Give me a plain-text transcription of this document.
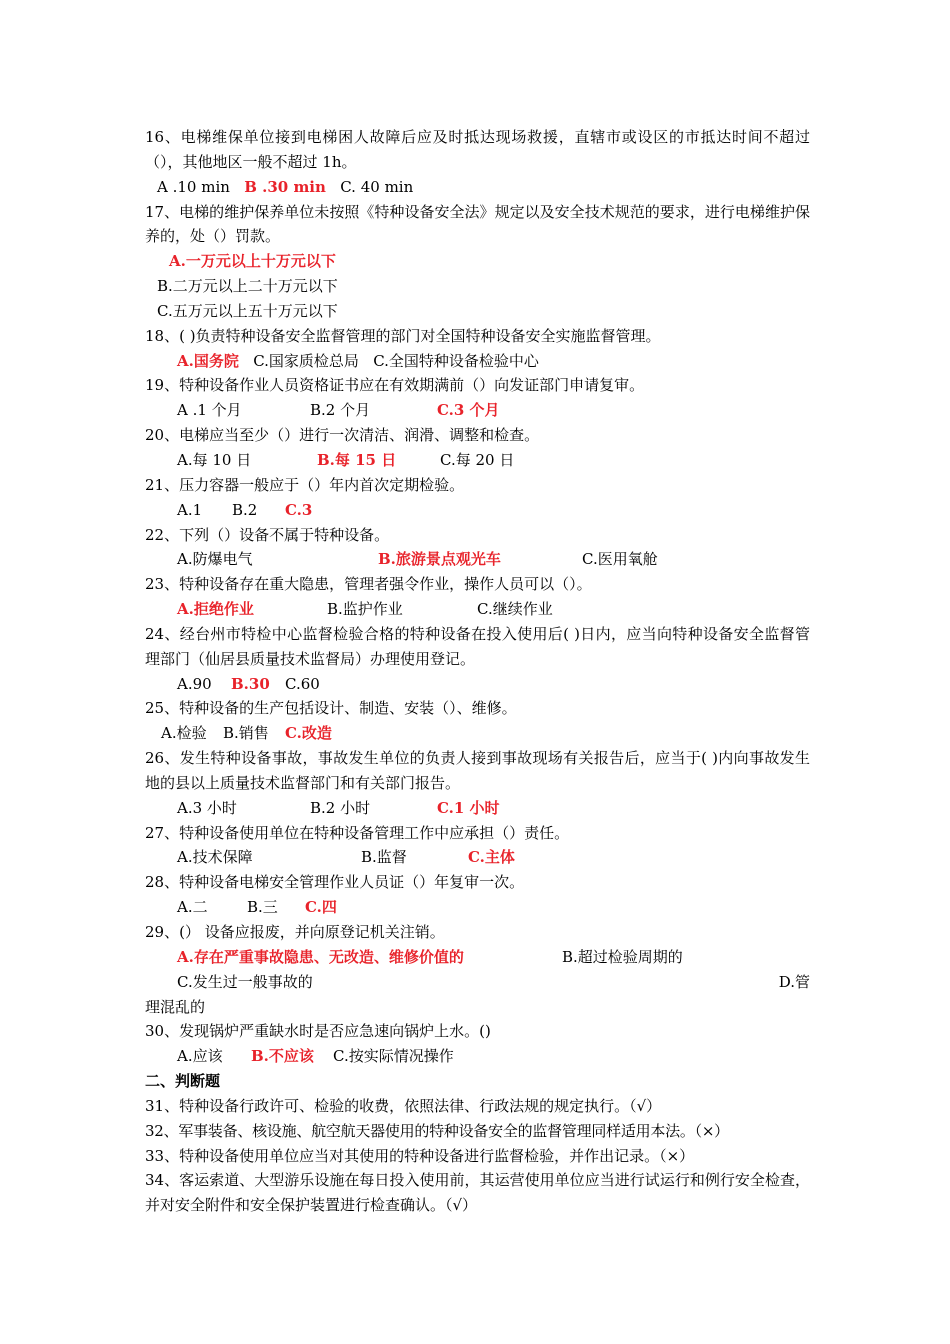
16、电梯维保单位接到电梯困人故障后应及时抵达现场救援，直辖市或设区的市抵达时间不超过（），其他地区一般不超过 1h。
A .10 min B .30 min C. 40 min
17、电梯的维护保养单位未按照《特种设备安全法》规定以及安全技术规范的要求，进行电梯维护保养的，处（）罚款。
A.一万元以上十万元以下
B.二万元以上二十万元以下
C.五万元以上五十万元以下
18、( )负责特种设备安全监督管理的部门对全国特种设备安全实施监督管理。
A.国务院 C.国家质检总局 C.全国特种设备检验中心
19、特种设备作业人员资格证书应在有效期满前（）向发证部门申请复审。
A .1 个月	B.2 个月	C.3 个月
20、电梯应当至少（）进行一次清洁、润滑、调整和检查。
A.每 10 日	B.每 15 日	C.每 20 日
21、压力容器一般应于（）年内首次定期检验。
A.1 B.2 C.3
22、下列（）设备不属于特种设备。
A.防爆电气	B.旅游景点观光车	C.医用氧舱
23、特种设备存在重大隐患，管理者强令作业，操作人员可以（）。
A.拒绝作业	B.监护作业	C.继续作业
24、经台州市特检中心监督检验合格的特种设备在投入使用后( )日内，应当向特种设备安全监督管理部门（仙居县质量技术监督局）办理使用登记。
A.90 B.30 C.60
25、特种设备的生产包括设计、制造、安装（）、维修。
A.检验 B.销售 C.改造
26、发生特种设备事故，事故发生单位的负责人接到事故现场有关报告后，应当于( )内向事故发生地的县以上质量技术监督部门和有关部门报告。
A.3 小时	B.2 小时	C.1 小时
27、特种设备使用单位在特种设备管理工作中应承担（）责任。
A.技术保障	B.监督	C.主体
28、特种设备电梯安全管理作业人员证（）年复审一次。
A.二	B.三 C.四
29、(） 设备应报废，并向原登记机关注销。
A.存在严重事故隐患、无改造、维修价值的	B.超过检验周期的
C.发生过一般事故的	D.管
理混乱的
30、发现锅炉严重缺水时是否应急速向锅炉上水。()
A.应该 B.不应该 C.按实际情况操作
二、判断题
31、特种设备行政许可、检验的收费，依照法律、行政法规的规定执行。（√）
32、军事装备、核设施、航空航天器使用的特种设备安全的监督管理同样适用本法。（×）
33、特种设备使用单位应当对其使用的特种设备进行监督检验，并作出记录。（×）
34、客运索道、大型游乐设施在每日投入使用前，其运营使用单位应当进行试运行和例行安全检查，并对安全附件和安全保护装置进行检查确认。（√）
